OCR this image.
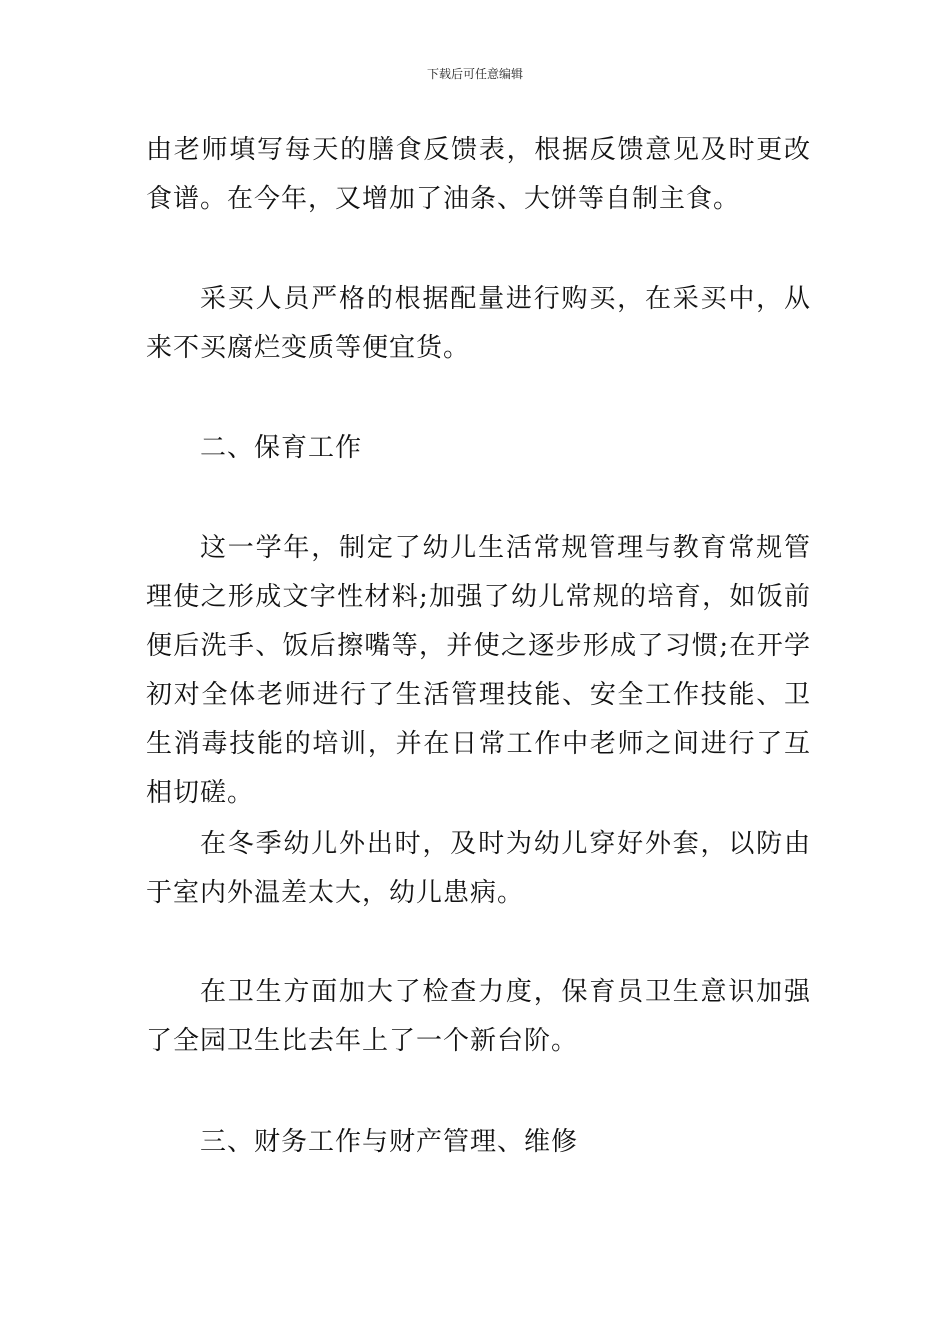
下载后可任意编辑

由老师填写每天的膳食反馈表，根据反馈意见及时更改食谱。在今年，又增加了油条、大饼等自制主食。

采买人员严格的根据配量进行购买，在采买中，从来不买腐烂变质等便宜货。

二、保育工作

这一学年，制定了幼儿生活常规管理与教育常规管理使之形成文字性材料;加强了幼儿常规的培育，如饭前便后洗手、饭后擦嘴等，并使之逐步形成了习惯;在开学初对全体老师进行了生活管理技能、安全工作技能、卫生消毒技能的培训，并在日常工作中老师之间进行了互相切磋。

在冬季幼儿外出时，及时为幼儿穿好外套，以防由于室内外温差太大，幼儿患病。

在卫生方面加大了检查力度，保育员卫生意识加强了全园卫生比去年上了一个新台阶。

三、财务工作与财产管理、维修
